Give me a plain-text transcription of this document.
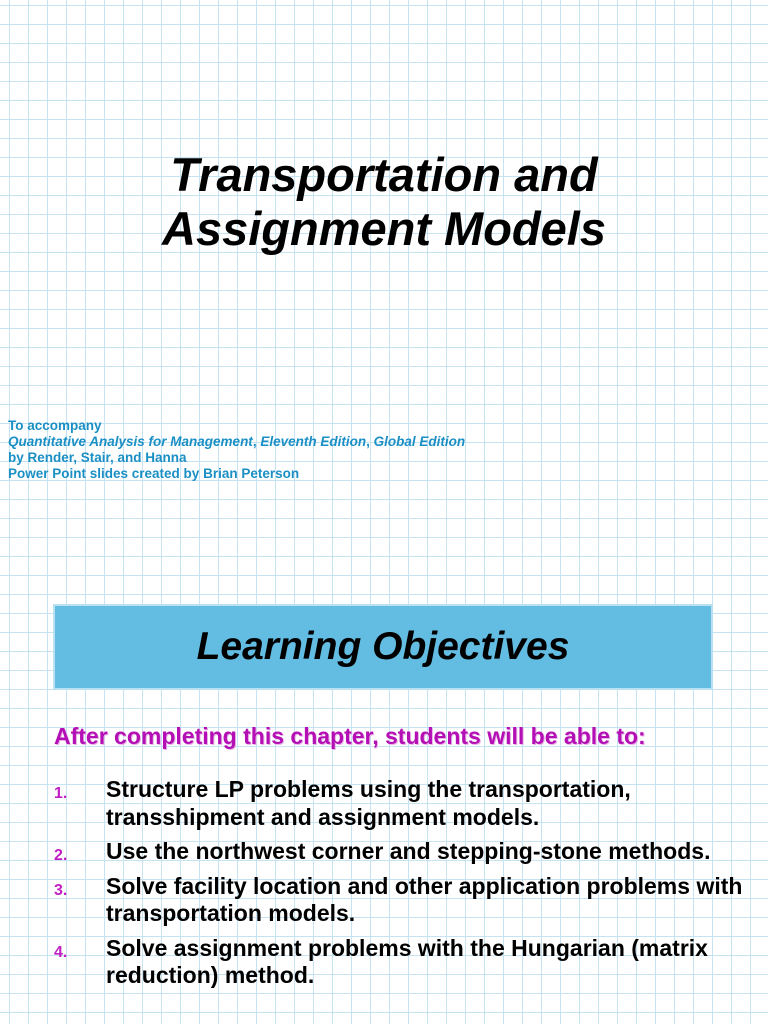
Transportation and
Assignment Models
To accompany
Quantitative Analysis for Management, Eleventh Edition, Global Edition
by Render, Stair, and Hanna
Power Point slides created by Brian Peterson
Learning Objectives
After completing this chapter, students will be able to:
1. Structure LP problems using the transportation, transshipment and assignment models.
2. Use the northwest corner and stepping-stone methods.
3. Solve facility location and other application problems with transportation models.
4. Solve assignment problems with the Hungarian (matrix reduction) method.
